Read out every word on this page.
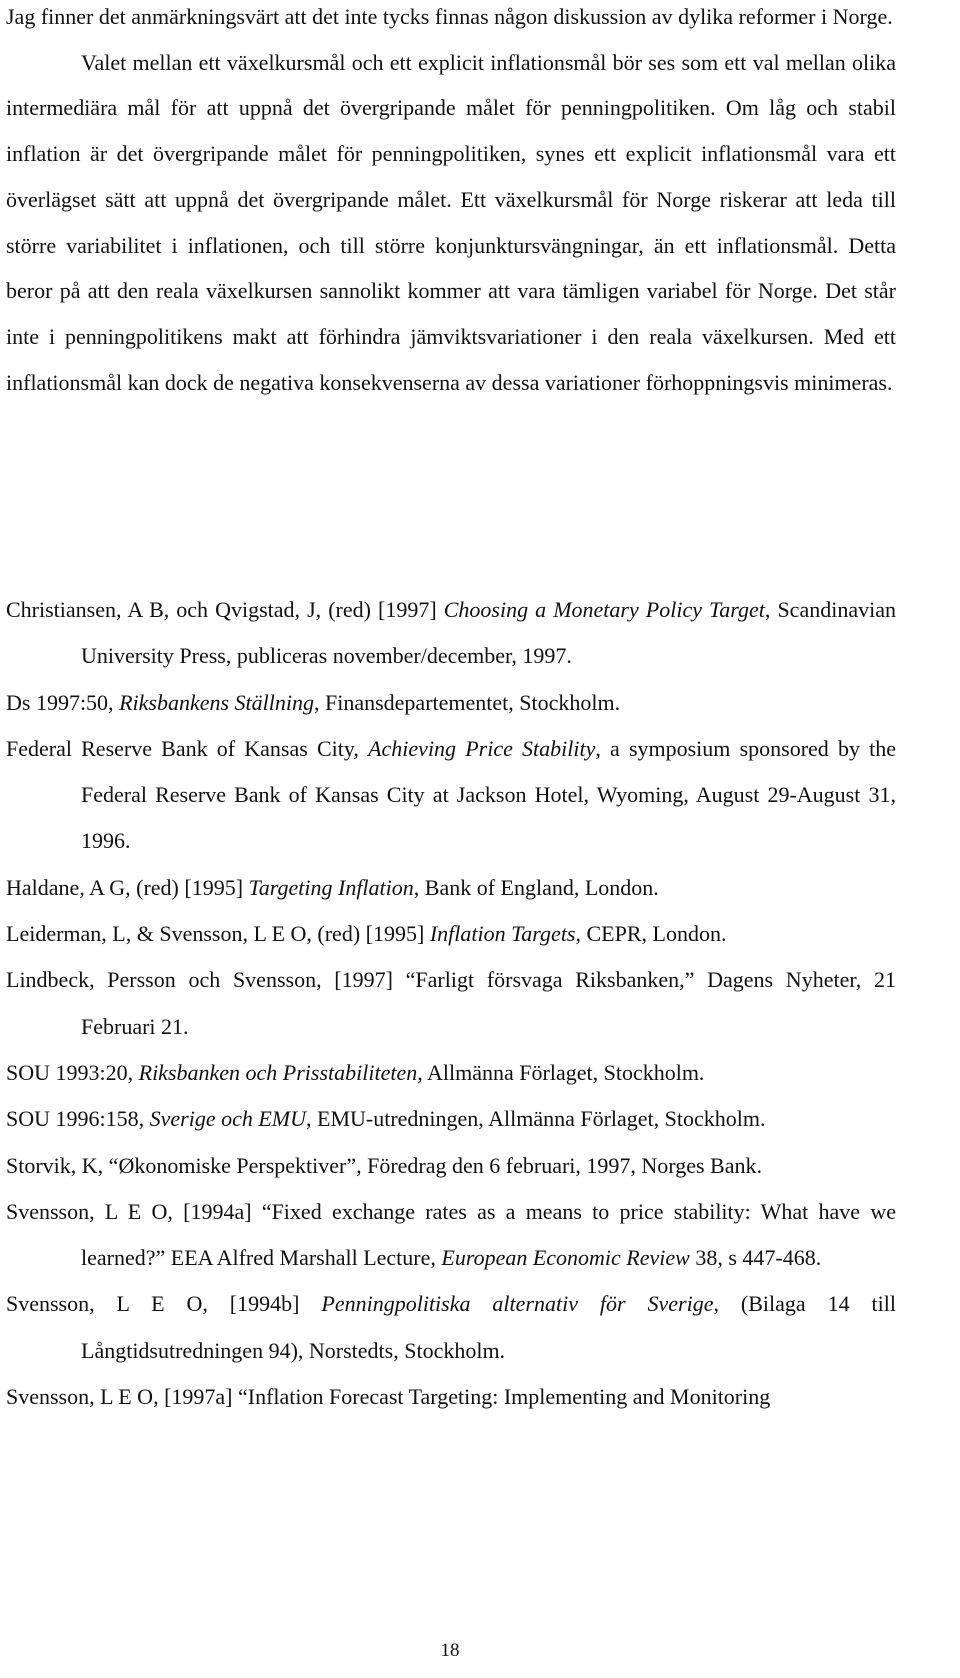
Jag finner det anmärkningsvärt att det inte tycks finnas någon diskussion av dylika reformer i Norge.

Valet mellan ett växelkursmål och ett explicit inflationsmål bör ses som ett val mellan olika intermediära mål för att uppnå det övergripande målet för penningpolitiken. Om låg och stabil inflation är det övergripande målet för penningpolitiken, synes ett explicit inflationsmål vara ett överlägset sätt att uppnå det övergripande målet. Ett växelkursmål för Norge riskerar att leda till större variabilitet i inflationen, och till större konjunktursvängningar, än ett inflationsmål. Detta beror på att den reala växelkursen sannolikt kommer att vara tämligen variabel för Norge. Det står inte i penningpolitikens makt att förhindra jämviktsvariationer i den reala växelkursen. Med ett inflationsmål kan dock de negativa konsekvenserna av dessa variationer förhoppningsvis minimeras.

Christiansen, A B, och Qvigstad, J, (red) [1997] Choosing a Monetary Policy Target, Scandinavian University Press, publiceras november/december, 1997.

Ds 1997:50, Riksbankens Ställning, Finansdepartementet, Stockholm.

Federal Reserve Bank of Kansas City, Achieving Price Stability, a symposium sponsored by the Federal Reserve Bank of Kansas City at Jackson Hotel, Wyoming, August 29-August 31, 1996.

Haldane, A G, (red) [1995] Targeting Inflation, Bank of England, London.

Leiderman, L, & Svensson, L E O, (red) [1995] Inflation Targets, CEPR, London.

Lindbeck, Persson och Svensson, [1997] “Farligt försvaga Riksbanken,” Dagens Nyheter, 21 Februari 21.

SOU 1993:20, Riksbanken och Prisstabiliteten, Allmänna Förlaget, Stockholm.

SOU 1996:158, Sverige och EMU, EMU-utredningen, Allmänna Förlaget, Stockholm.

Storvik, K, “Økonomiske Perspektiver”, Föredrag den 6 februari, 1997, Norges Bank.

Svensson, L E O, [1994a] “Fixed exchange rates as a means to price stability: What have we learned?” EEA Alfred Marshall Lecture, European Economic Review 38, s 447-468.

Svensson, L E O, [1994b] Penningpolitiska alternativ för Sverige, (Bilaga 14 till Långtidsutredningen 94), Norstedts, Stockholm.

Svensson, L E O, [1997a] “Inflation Forecast Targeting: Implementing and Monitoring

18
